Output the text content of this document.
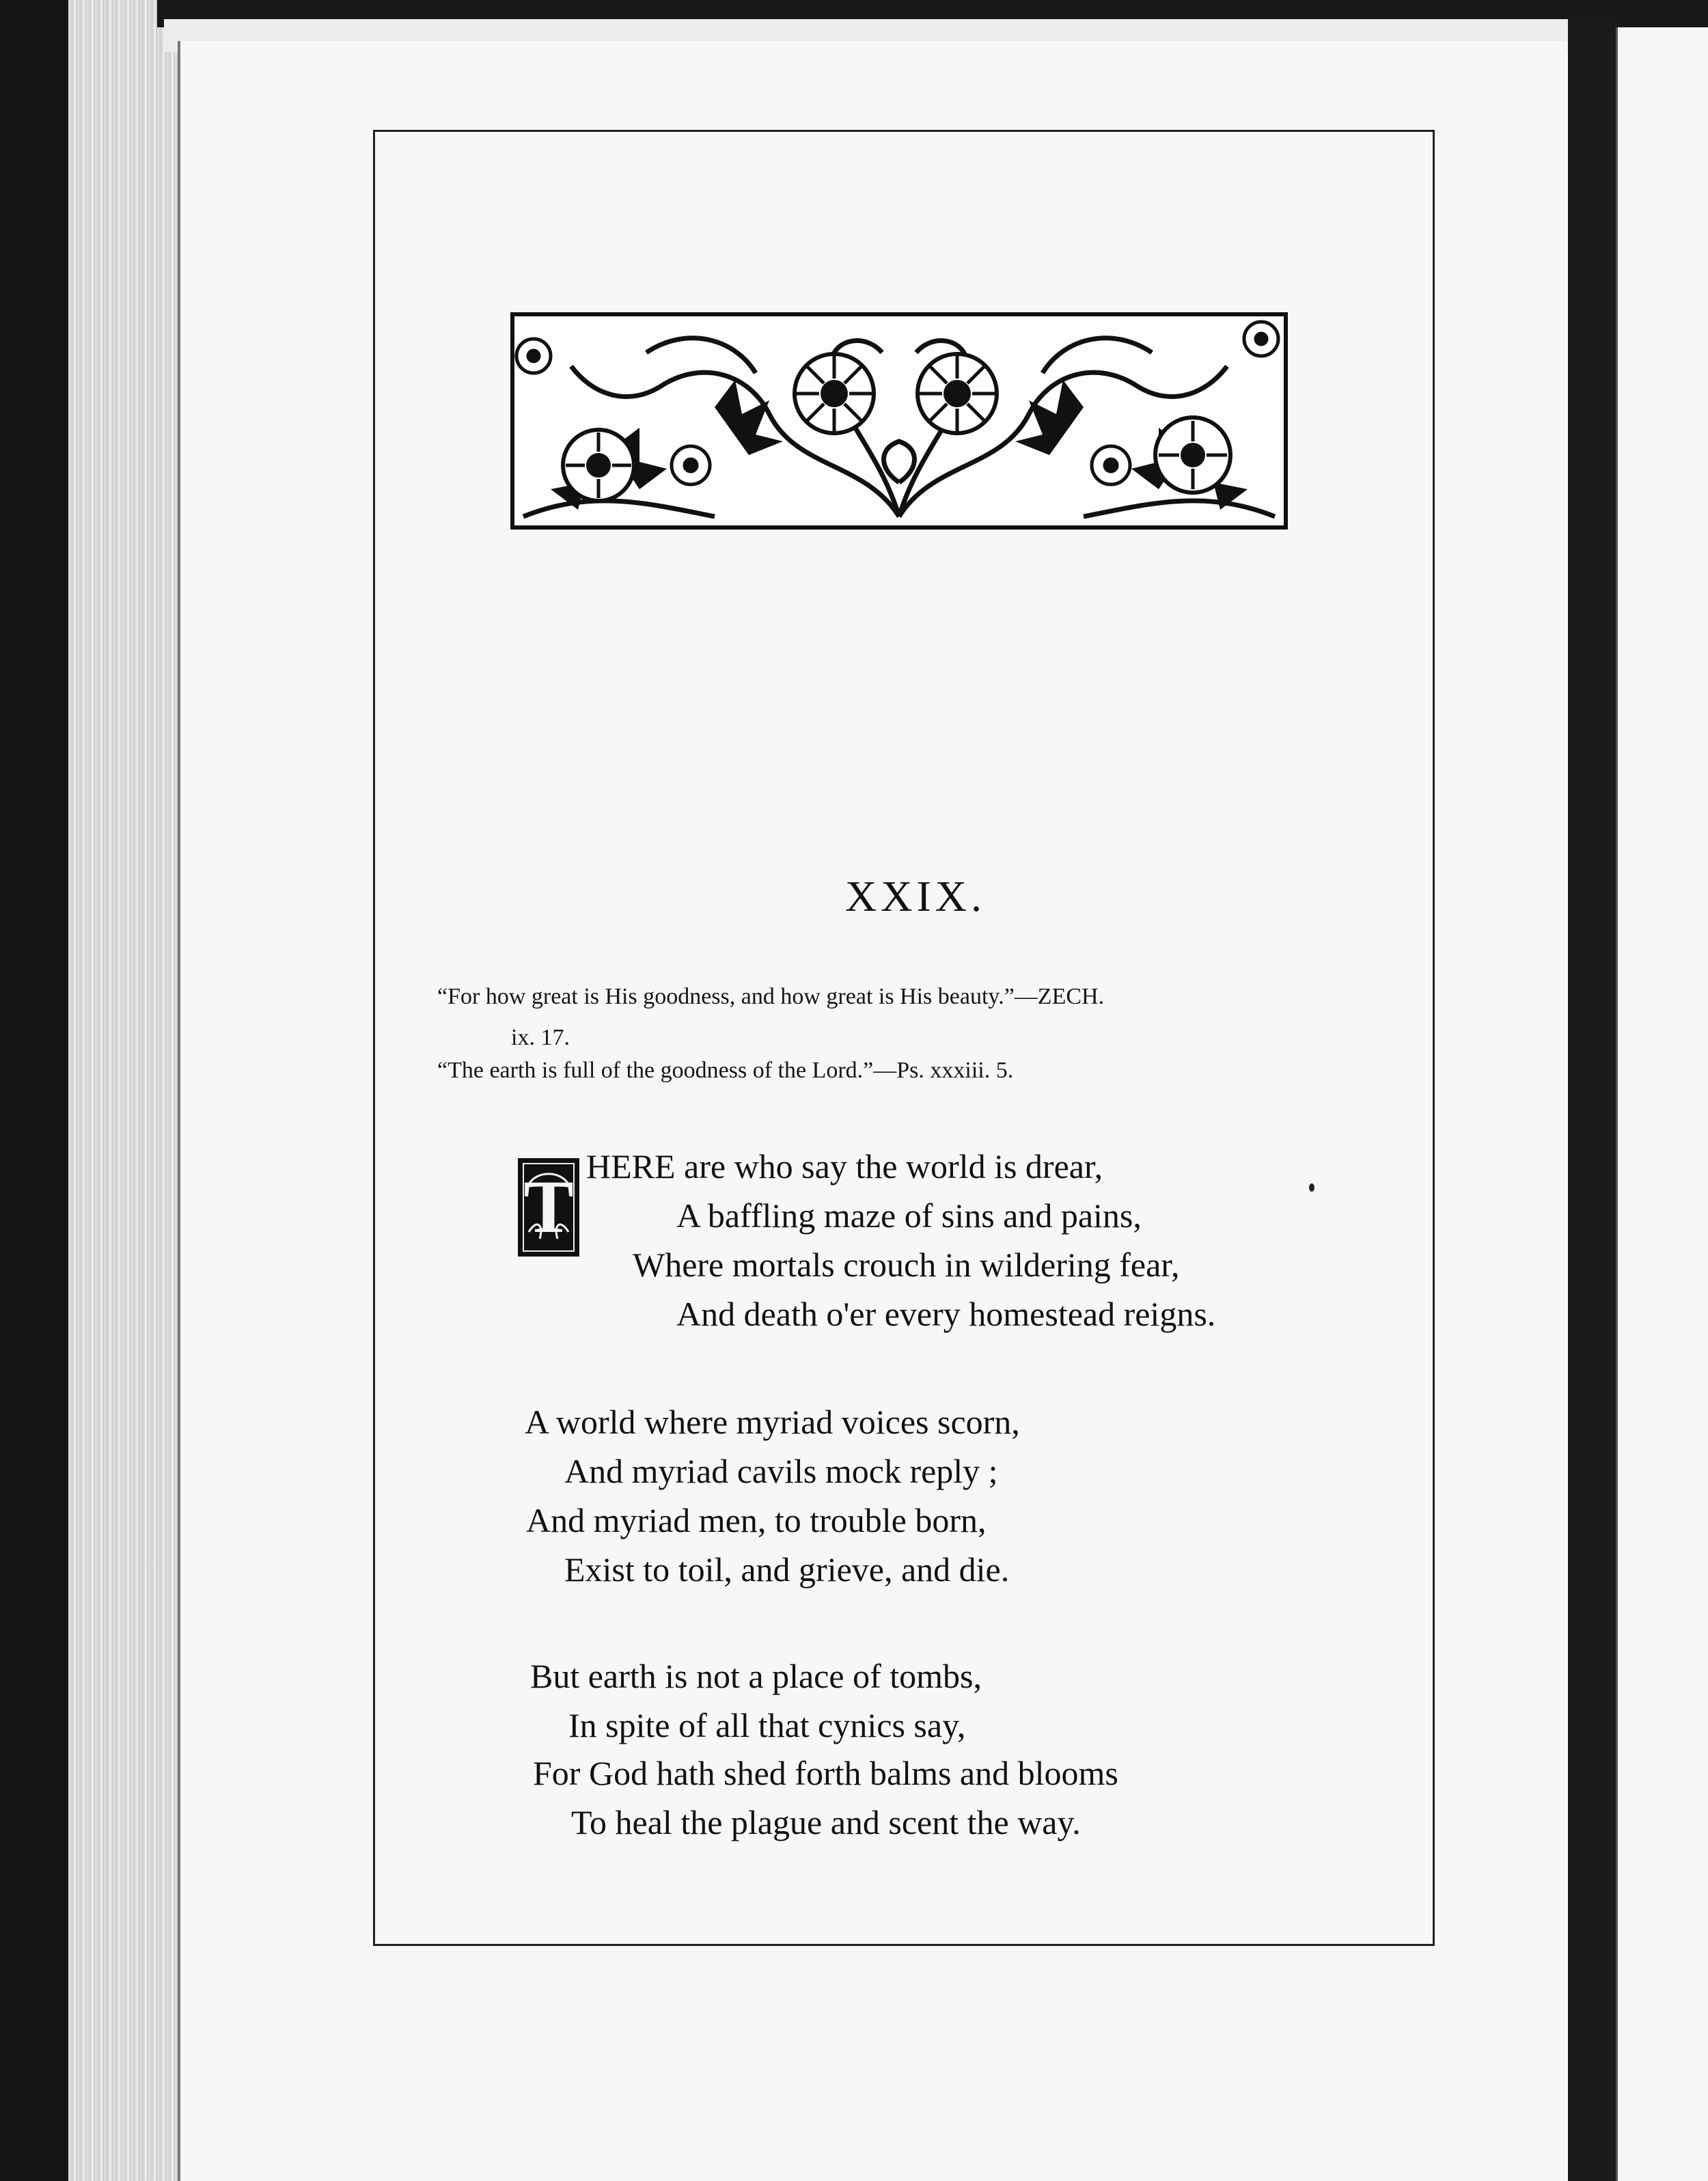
XXIX.
“For how great is His goodness, and how great is His beauty.”—ZECH.
ix. 17.
“The earth is full of the goodness of the Lord.”—Ps. xxxiii. 5.
T HERE are who say the world is drear,
A baffling maze of sins and pains,
Where mortals crouch in wildering fear,
And death o'er every homestead reigns.
A world where myriad voices scorn,
And myriad cavils mock reply ;
And myriad men, to trouble born,
Exist to toil, and grieve, and die.
But earth is not a place of tombs,
In spite of all that cynics say,
For God hath shed forth balms and blooms
To heal the plague and scent the way.
